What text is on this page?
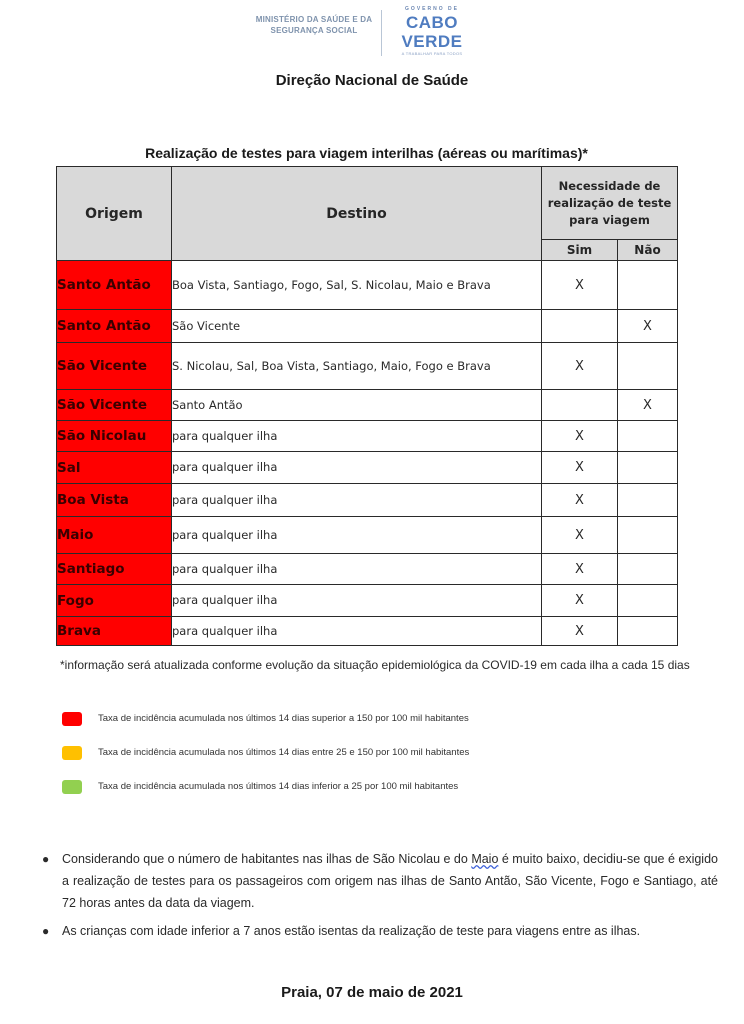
MINISTÉRIO DA SAÚDE E DA SEGURANÇA SOCIAL
GOVERNO DE
CABO
VERDE
A TRABALHAR PARA TODOS
Direção Nacional de Saúde
Realização de testes para viagem interilhas (aéreas ou marítimas)*
Origem	Destino	Necessidade de realização de teste para viagem	
		Sim	Não
Santo Antão	Boa Vista, Santiago, Fogo, Sal, S. Nicolau, Maio e Brava	X	
Santo Antão	São Vicente		X
São Vicente	S. Nicolau, Sal, Boa Vista, Santiago, Maio, Fogo e Brava	X	
São Vicente	Santo Antão		X
São Nicolau	para qualquer ilha	X	
Sal	para qualquer ilha	X	
Boa Vista	para qualquer ilha	X	
Maio	para qualquer ilha	X	
Santiago	para qualquer ilha	X	
Fogo	para qualquer ilha	X	
Brava	para qualquer ilha	X	
*informação será atualizada conforme evolução da situação epidemiológica da COVID-19 em cada ilha a cada 15 dias
Taxa de incidência acumulada nos últimos 14 dias superior a 150 por 100 mil habitantes
Taxa de incidência acumulada nos últimos 14 dias entre 25 e 150 por 100 mil habitantes
Taxa de incidência acumulada nos últimos 14 dias inferior a 25 por 100 mil habitantes
● Considerando que o número de habitantes nas ilhas de São Nicolau e do Maio é muito baixo, decidiu-se que é exigido a realização de testes para os passageiros com origem nas ilhas de Santo Antão, São Vicente, Fogo e Santiago, até 72 horas antes da data da viagem.
● As crianças com idade inferior a 7 anos estão isentas da realização de teste para viagens entre as ilhas.
Praia, 07 de maio de 2021
